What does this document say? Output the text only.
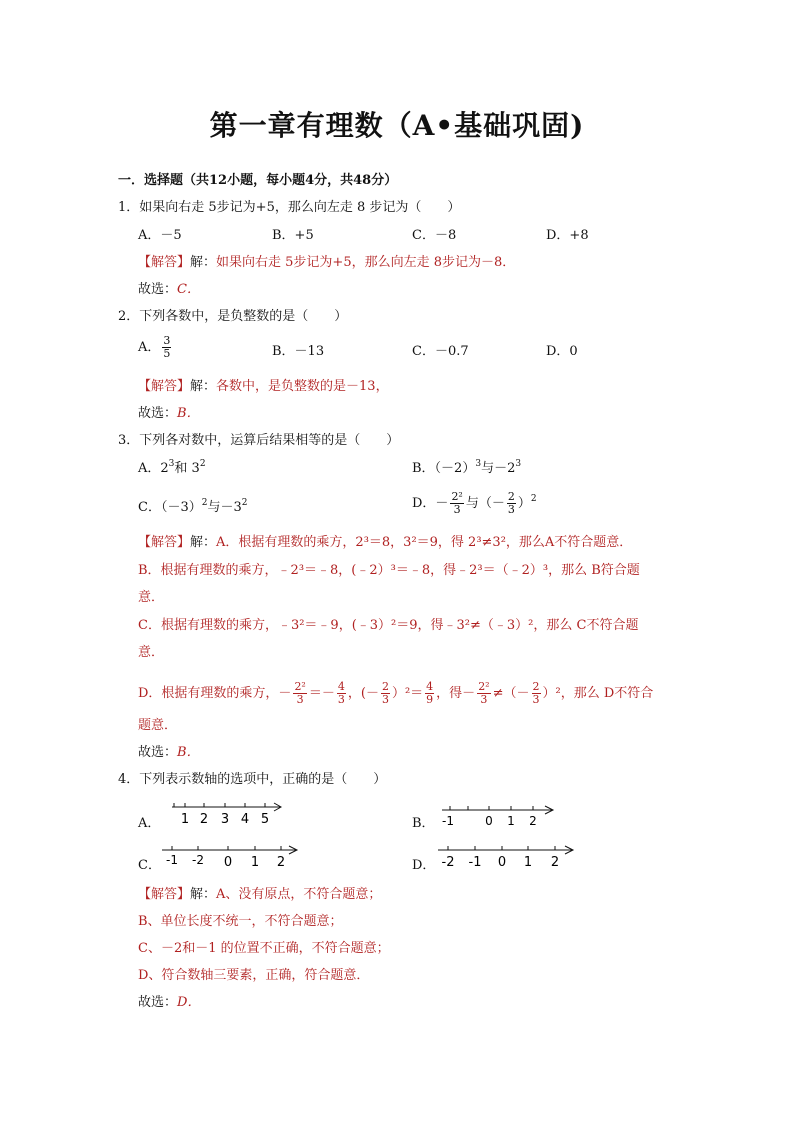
第一章有理数（A•基础巩固)
一．选择题（共12小题，每小题4分，共48分）
1．如果向右走 5步记为+5，那么向左走 8 步记为（　　）
A．－5	B．+5	C．－8	D．+8
【解答】解：如果向右走 5步记为+5，那么向左走 8步记为－8．
故选：C．
2．下列各数中，是负整数的是（　　）
A． $\frac{3}{5}$	B．－13	C．－0.7	D．0
【解答】解：各数中，是负整数的是－13，
故选：B．
3．下列各对数中，运算后结果相等的是（　　）
A．$2^3$和 $3^2$	B．$(-2)^3$与$-2^3$
C．$(-3)^2$与$-3^2$	D．－ $\frac{\text{2²}}{3}$ 与（－ $\frac{2}{3} )^2$
【解答】解：A．根据有理数的乘方，2³＝8，3²＝9，得 2³≠3²，那么A不符合题意．
B．根据有理数的乘方，﹣2³＝﹣8，(﹣2）³＝﹣8，得﹣2³＝（﹣2）³，那么 B符合题
意．
C．根据有理数的乘方，﹣3²＝﹣9，(﹣3）²＝9，得﹣3²≠（﹣3）²，那么 C不符合题
意．
D．根据有理数的乘方，－ $\frac{\text{2²}}{3} =- \frac{4}{3}$ ，(－ $\frac{2}{3} )^2= \frac{4}{9}$ ，得－ $\frac{\text{2²}}{3}$ ≠（－ $\frac{2}{3} )^2$，那么 D不符合
题意．
故选：B．
4．下列表示数轴的选项中，正确的是（　　）
A． 1 2 3 4 5	B． -1	0 1 2
C． -1 -2 0 1 2	D． -2 -1 0 1 2
【解答】解：A、没有原点，不符合题意；
B、单位长度不统一，不符合题意；
C、－2和－1 的位置不正确，不符合题意；
D、符合数轴三要素，正确，符合题意．
故选：D．
